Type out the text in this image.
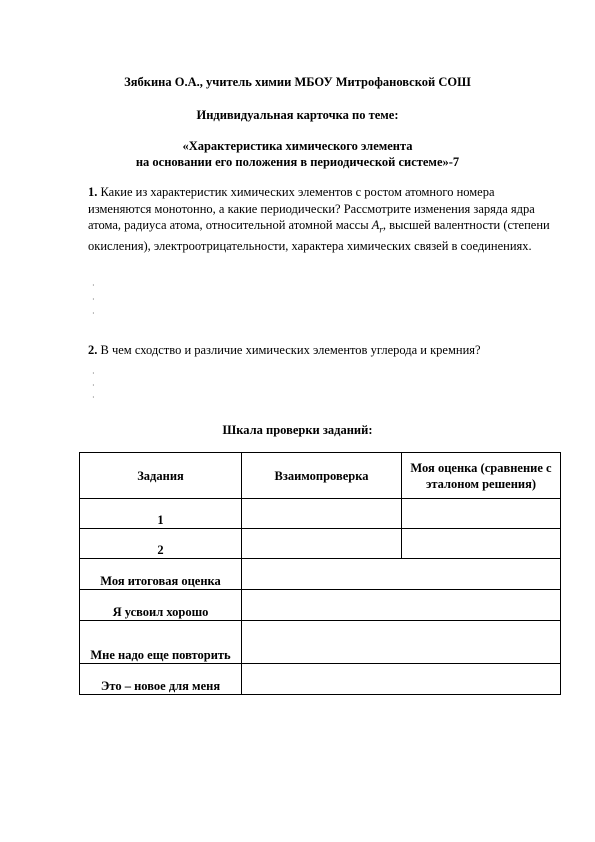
Зябкина О.А., учитель химии МБОУ Митрофановской СОШ
Индивидуальная карточка по теме:
«Характеристика химического элемента
на основании его положения в периодической системе»-7
1. Какие из характеристик химических элементов с ростом атомного номера изменяются монотонно, а какие периодически? Рассмотрите изменения заряда ядра атома, радиуса атома, относительной атомной массы $A_r$, высшей валентности (степени окисления), электроотрицательности, характера химических связей в соединениях.
·
·
·
2. В чем сходство и различие химических элементов углерода и кремния?
·
·
·
Шкала проверки заданий:
Задания	Взаимопроверка	Моя оценка (сравнение с эталоном решения)
1		
2		
Моя итоговая оценка		
Я усвоил хорошо		
Мне надо еще повторить		
Это – новое для меня		
